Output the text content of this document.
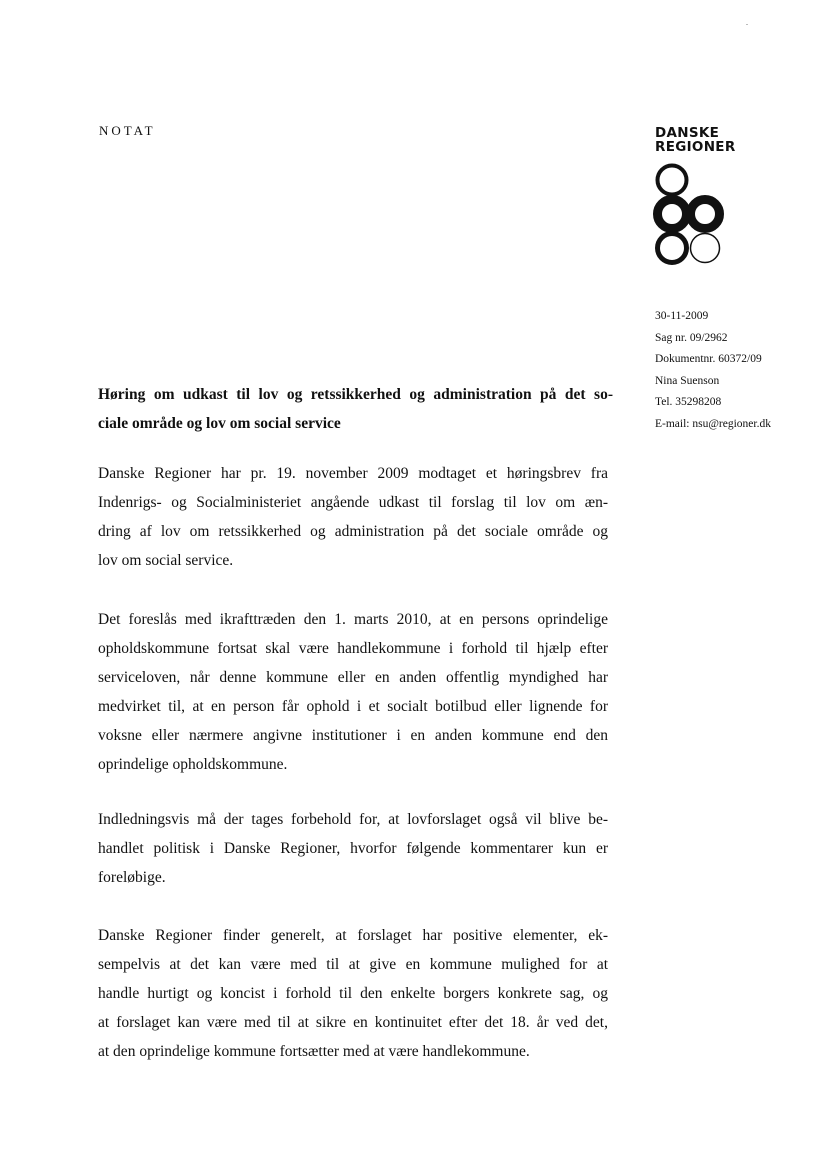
NOTAT	DANSKE
REGIONER
30-11-2009
Sag nr. 09/2962
Dokumentnr. 60372/09
Nina Suenson
Tel. 35298208
E-mail: nsu@regioner.dk
Høring om udkast til lov og retssikkerhed og administration på det so-
ciale område og lov om social service
Danske Regioner har pr. 19. november 2009 modtaget et høringsbrev fra
Indenrigs- og Socialministeriet angående udkast til forslag til lov om æn-
dring af lov om retssikkerhed og administration på det sociale område og
lov om social service.
Det foreslås med ikrafttræden den 1. marts 2010, at en persons oprindelige
opholdskommune fortsat skal være handlekommune i forhold til hjælp efter
serviceloven, når denne kommune eller en anden offentlig myndighed har
medvirket til, at en person får ophold i et socialt botilbud eller lignende for
voksne eller nærmere angivne institutioner i en anden kommune end den
oprindelige opholdskommune.
Indledningsvis må der tages forbehold for, at lovforslaget også vil blive be-
handlet politisk i Danske Regioner, hvorfor følgende kommentarer kun er
foreløbige.
Danske Regioner finder generelt, at forslaget har positive elementer, ek-
sempelvis at det kan være med til at give en kommune mulighed for at
handle hurtigt og koncist i forhold til den enkelte borgers konkrete sag, og
at forslaget kan være med til at sikre en kontinuitet efter det 18. år ved det,
at den oprindelige kommune fortsætter med at være handlekommune.
